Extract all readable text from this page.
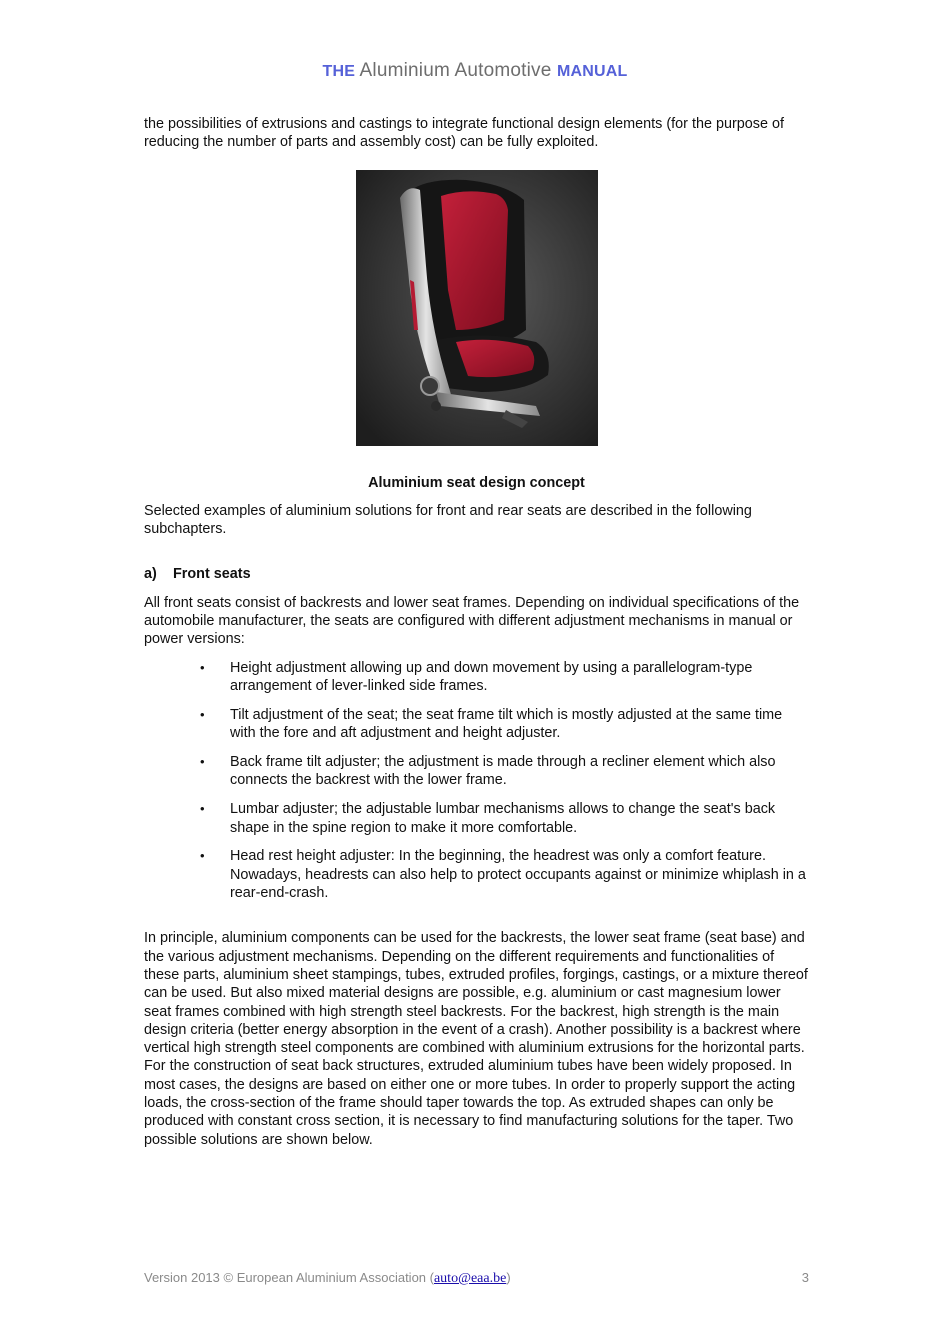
THE Aluminium Automotive MANUAL

the possibilities of extrusions and castings to integrate functional design elements (for the purpose of reducing the number of parts and assembly cost) can be fully exploited.

Aluminium seat design concept

Selected examples of aluminium solutions for front and rear seats are described in the following subchapters.

a) Front seats

All front seats consist of backrests and lower seat frames. Depending on individual specifications of the automobile manufacturer, the seats are configured with different adjustment mechanisms in manual or power versions:

• Height adjustment allowing up and down movement by using a parallelogram-type arrangement of lever-linked side frames.
• Tilt adjustment of the seat; the seat frame tilt which is mostly adjusted at the same time with the fore and aft adjustment and height adjuster.
• Back frame tilt adjuster; the adjustment is made through a recliner element which also connects the backrest with the lower frame.
• Lumbar adjuster; the adjustable lumbar mechanisms allows to change the seat's back shape in the spine region to make it more comfortable.
• Head rest height adjuster: In the beginning, the headrest was only a comfort feature. Nowadays, headrests can also help to protect occupants against or minimize whiplash in a rear-end-crash.

In principle, aluminium components can be used for the backrests, the lower seat frame (seat base) and the various adjustment mechanisms. Depending on the different requirements and functionalities of these parts, aluminium sheet stampings, tubes, extruded profiles, forgings, castings, or a mixture thereof can be used. But also mixed material designs are possible, e.g. aluminium or cast magnesium lower seat frames combined with high strength steel backrests. For the backrest, high strength is the main design criteria (better energy absorption in the event of a crash). Another possibility is a backrest where vertical high strength steel components are combined with aluminium extrusions for the horizontal parts.

For the construction of seat back structures, extruded aluminium tubes have been widely proposed. In most cases, the designs are based on either one or more tubes. In order to properly support the acting loads, the cross-section of the frame should taper towards the top. As extruded shapes can only be produced with constant cross section, it is necessary to find manufacturing solutions for the taper. Two possible solutions are shown below.

Version 2013 © European Aluminium Association (auto@eaa.be)	3
